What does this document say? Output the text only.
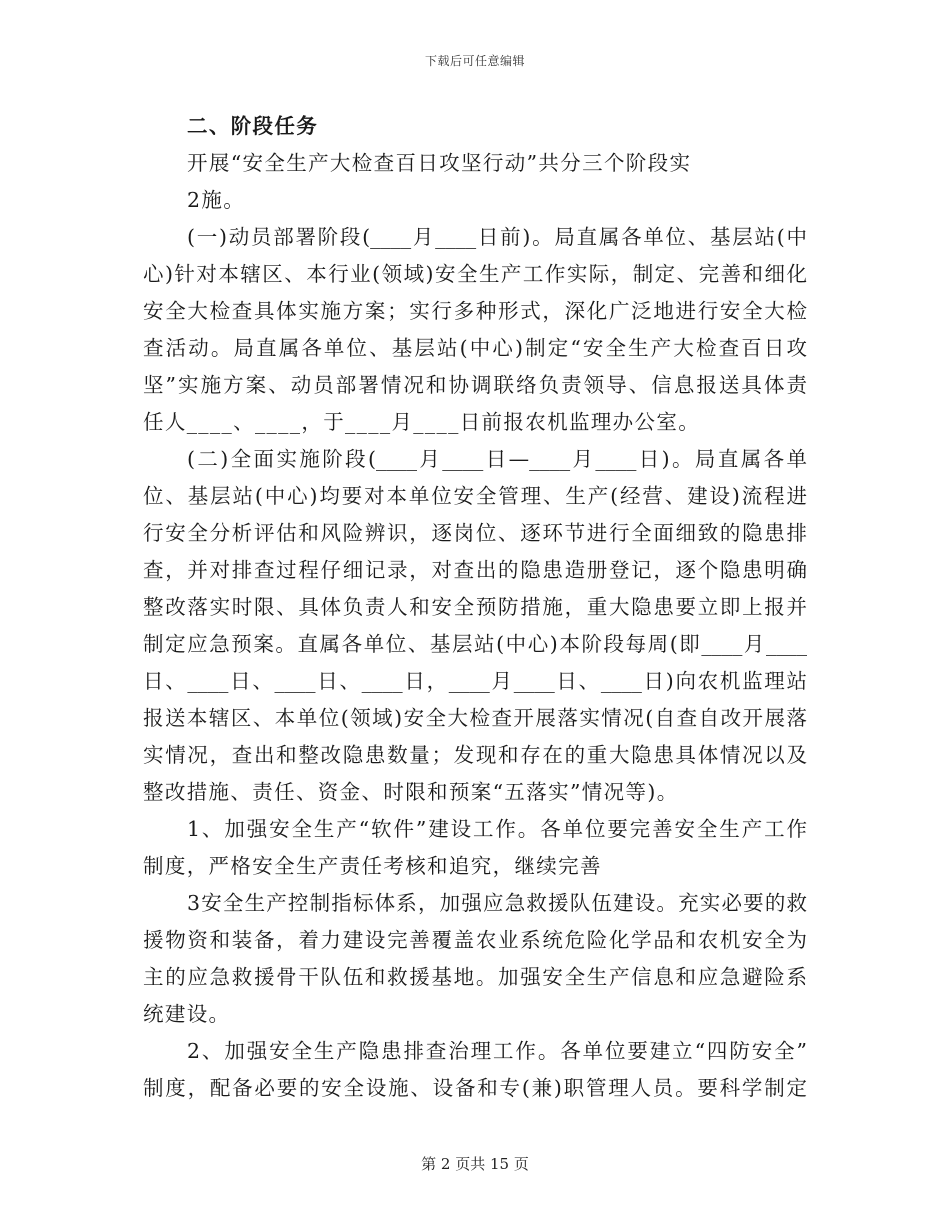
下载后可任意编辑
二、阶段任务
开展“安全生产大检查百日攻坚行动”共分三个阶段实
2施。
(一)动员部署阶段(____月____日前)。局直属各单位、基层站(中
心)针对本辖区、本行业(领域)安全生产工作实际，制定、完善和细化
安全大检查具体实施方案；实行多种形式，深化广泛地进行安全大检
查活动。局直属各单位、基层站(中心)制定“安全生产大检查百日攻
坚”实施方案、动员部署情况和协调联络负责领导、信息报送具体责
任人____、____，于____月____日前报农机监理办公室。
(二)全面实施阶段(____月____日—____月____日)。局直属各单
位、基层站(中心)均要对本单位安全管理、生产(经营、建设)流程进
行安全分析评估和风险辨识，逐岗位、逐环节进行全面细致的隐患排
查，并对排查过程仔细记录，对查出的隐患造册登记，逐个隐患明确
整改落实时限、具体负责人和安全预防措施，重大隐患要立即上报并
制定应急预案。直属各单位、基层站(中心)本阶段每周(即____月____
日、____日、____日、____日，____月____日、____日)向农机监理站
报送本辖区、本单位(领域)安全大检查开展落实情况(自查自改开展落
实情况，查出和整改隐患数量；发现和存在的重大隐患具体情况以及
整改措施、责任、资金、时限和预案“五落实”情况等)。
1、加强安全生产“软件”建设工作。各单位要完善安全生产工作
制度，严格安全生产责任考核和追究，继续完善
3安全生产控制指标体系，加强应急救援队伍建设。充实必要的救
援物资和装备，着力建设完善覆盖农业系统危险化学品和农机安全为
主的应急救援骨干队伍和救援基地。加强安全生产信息和应急避险系
统建设。
2、加强安全生产隐患排查治理工作。各单位要建立“四防安全”
制度，配备必要的安全设施、设备和专(兼)职管理人员。要科学制定
第 2 页共 15 页
